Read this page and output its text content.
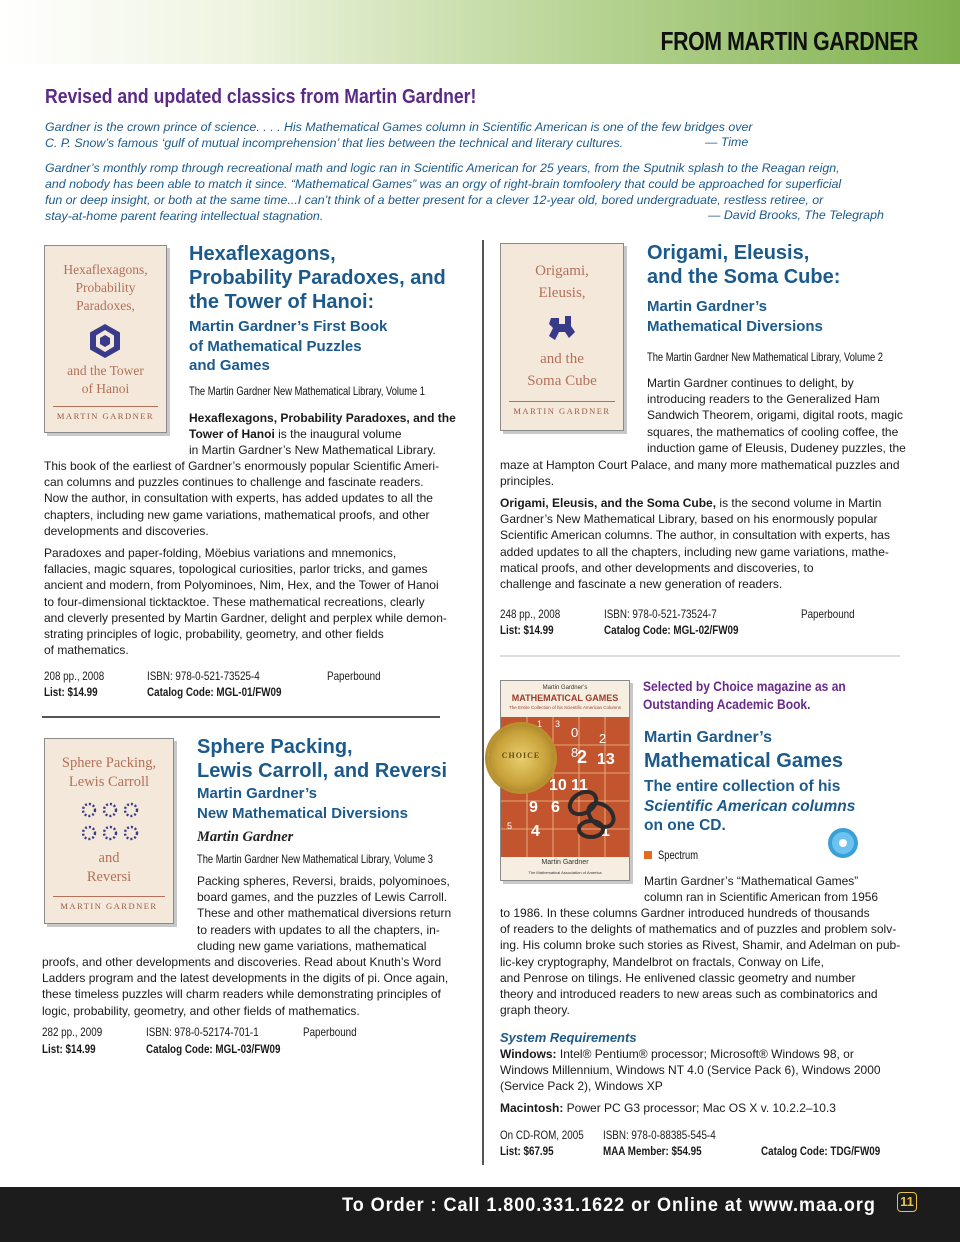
FROM MARTIN GARDNER
Revised and updated classics from Martin Gardner!
Gardner is the crown prince of science. . . . His Mathematical Games column in Scientific American is one of the few bridges over
C. P. Snow’s famous ‘gulf of mutual incomprehension’ that lies between the technical and literary cultures.	— Time
Gardner’s monthly romp through recreational math and logic ran in Scientific American for 25 years, from the Sputnik splash to the Reagan reign,
and nobody has been able to match it since. “Mathematical Games” was an orgy of right-brain tomfoolery that could be approached for superficial
fun or deep insight, or both at the same time...I can’t think of a better present for a clever 12-year old, bored undergraduate, restless retiree, or
stay-at-home parent fearing intellectual stagnation.	— David Brooks, The Telegraph
Hexaflexagons,
Probability
Paradoxes,
and the Tower
of Hanoi
MARTIN GARDNER
Hexaflexagons,
Probability Paradoxes, and
the Tower of Hanoi:
Martin Gardner’s First Book
of Mathematical Puzzles
and Games
The Martin Gardner New Mathematical Library, Volume 1

Hexaflexagons, Probability Paradoxes, and the Tower of Hanoi is the inaugural volume

in Martin Gardner’s New Mathematical Library.

This book of the earliest of Gardner’s enormously popular Scientific Ameri-

can columns and puzzles continues to challenge and fascinate readers.

Now the author, in consultation with experts, has added updates to all the

chapters, including new game variations, mathematical proofs, and other

developments and discoveries.

Paradoxes and paper-folding, Möebius variations and mnemonics,

fallacies, magic squares, topological curiosities, parlor tricks, and games

ancient and modern, from Polyominoes, Nim, Hex, and the Tower of Hanoi

to four-dimensional ticktacktoe. These mathematical recreations, clearly

and cleverly presented by Martin Gardner, delight and perplex while demon-

strating principles of logic, probability, geometry, and other fields

of mathematics.

208 pp., 2008	ISBN: 978-0-521-73525-4	Paperbound
List: $14.99	Catalog Code: MGL-01/FW09
Origami,
Eleusis,
and the
Soma Cube
MARTIN GARDNER
Origami, Eleusis,
and the Soma Cube:
Martin Gardner’s
Mathematical Diversions
The Martin Gardner New Mathematical Library, Volume 2

Martin Gardner continues to delight, by

introducing readers to the Generalized Ham

Sandwich Theorem, origami, digital roots, magic

squares, the mathematics of cooling coffee, the

induction game of Eleusis, Dudeney puzzles, the

maze at Hampton Court Palace, and many more mathematical puzzles and

principles.

Origami, Eleusis, and the Soma Cube, is the second volume in Martin

Gardner’s New Mathematical Library, based on his enormously popular

Scientific American columns. The author, in consultation with experts, has

added updates to all the chapters, including new game variations, mathe-

matical proofs, and other developments and discoveries, to

challenge and fascinate a new generation of readers.

248 pp., 2008	ISBN: 978-0-521-73524-7	Paperbound
List: $14.99	Catalog Code: MGL-02/FW09
Sphere Packing,
Lewis Carroll
and
Reversi
MARTIN GARDNER
Sphere Packing,
Lewis Carroll, and Reversi
Martin Gardner’s
New Mathematical Diversions
Martin Gardner
The Martin Gardner New Mathematical Library, Volume 3

Packing spheres, Reversi, braids, polyominoes,

board games, and the puzzles of Lewis Carroll.

These and other mathematical diversions return

to readers with updates to all the chapters, in-

cluding new game variations, mathematical

proofs, and other developments and discoveries. Read about Knuth’s Word

Ladders program and the latest developments in the digits of pi. Once again,

these timeless puzzles will charm readers while demonstrating principles of

logic, probability, geometry, and other fields of mathematics.

282 pp., 2009	ISBN: 978-0-52174-701-1	Paperbound
List: $14.99	Catalog Code: MGL-03/FW09
Martin Gardner’s
MATHEMATICAL GAMES
The Entire Collection of his Scientific American Columns
1 3
0 2
8
2 13
10 11
9 6
5 4	1
Martin Gardner
The Mathematical Association of America
CHOICE
Selected by Choice magazine as an
Outstanding Academic Book.
Martin Gardner’s
Mathematical Games
The entire collection of his
Scientific American columns
on one CD.
Spectrum

Martin Gardner’s “Mathematical Games”

column ran in Scientific American from 1956

to 1986. In these columns Gardner introduced hundreds of thousands

of readers to the delights of mathematics and of puzzles and problem solv-

ing. His column broke such stories as Rivest, Shamir, and Adelman on pub-

lic-key cryptography, Mandelbrot on fractals, Conway on Life,

and Penrose on tilings. He enlivened classic geometry and number

theory and introduced readers to new areas such as combinatorics and

graph theory.

System Requirements

Windows: Intel® Pentium® processor; Microsoft® Windows 98, or

Windows Millennium, Windows NT 4.0 (Service Pack 6), Windows 2000

(Service Pack 2), Windows XP

Macintosh: Power PC G3 processor; Mac OS X v. 10.2.2–10.3

On CD-ROM, 2005 ISBN: 978-0-88385-545-4
List: $67.95	MAA Member: $54.95	Catalog Code: TDG/FW09
To Order : Call 1.800.331.1622 or Online at www.maa.org 11
